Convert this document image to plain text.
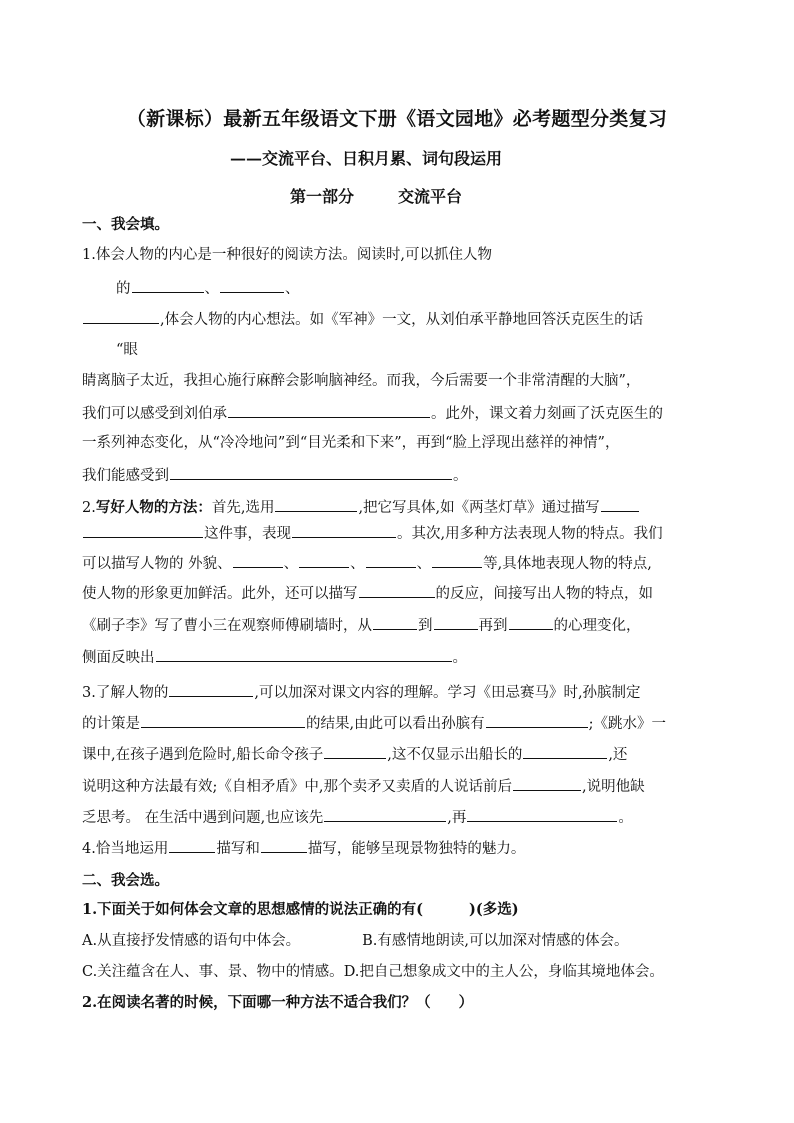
（新课标）最新五年级语文下册《语文园地》必考题型分类复习
——交流平台、日积月累、词句段运用
第一部分	交流平台
一、我会填。
1.体会人物的内心是一种很好的阅读方法。阅读时,可以抓住人物
的	、	、
,体会人物的内心想法。如《军神》一文，从刘伯承平静地回答沃克医生的话
“眼
睛离脑子太近，我担心施行麻醉会影响脑神经。而我，今后需要一个非常清醒的大脑”，
我们可以感受到刘伯承	。此外，课文着力刻画了沃克医生的
一系列神态变化，从“冷冷地问”到“目光柔和下来”，再到“脸上浮现出慈祥的神情”，
我们能感受到	。
2.写好人物的方法：首先,选用	,把它写具体,如《两茎灯草》通过描写
这件事，表现	。其次,用多种方法表现人物的特点。我们
可以描写人物的 外貌、	、	、	、	等,具体地表现人物的特点,
使人物的形象更加鲜活。此外，还可以描写	的反应，间接写出人物的特点，如
《刷子李》写了曹小三在观察师傅刷墙时，从	到	再到	的心理变化，
侧面反映出	。
3.了解人物的	,可以加深对课文内容的理解。学习《田忌赛马》时,孙膑制定
的计策是	的结果,由此可以看出孙膑有	;《跳水》一
课中,在孩子遇到危险时,船长命令孩子	,这不仅显示出船长的	,还
说明这种方法最有效;《自相矛盾》中,那个卖矛又卖盾的人说话前后	,说明他缺
乏思考。 在生活中遇到问题,也应该先	,再	。
4.恰当地运用	描写和	描写，能够呈现景物独特的魅力。
二、我会选。
1.下面关于如何体会文章的思想感情的说法正确的有(	)(多选)
A.从直接抒发情感的语句中体会。	B.有感情地朗读,可以加深对情感的体会。
C.关注蕴含在人、事、景、物中的情感。D.把自己想象成文中的主人公，身临其境地体会。
2.在阅读名著的时候，下面哪一种方法不适合我们？（ ）
